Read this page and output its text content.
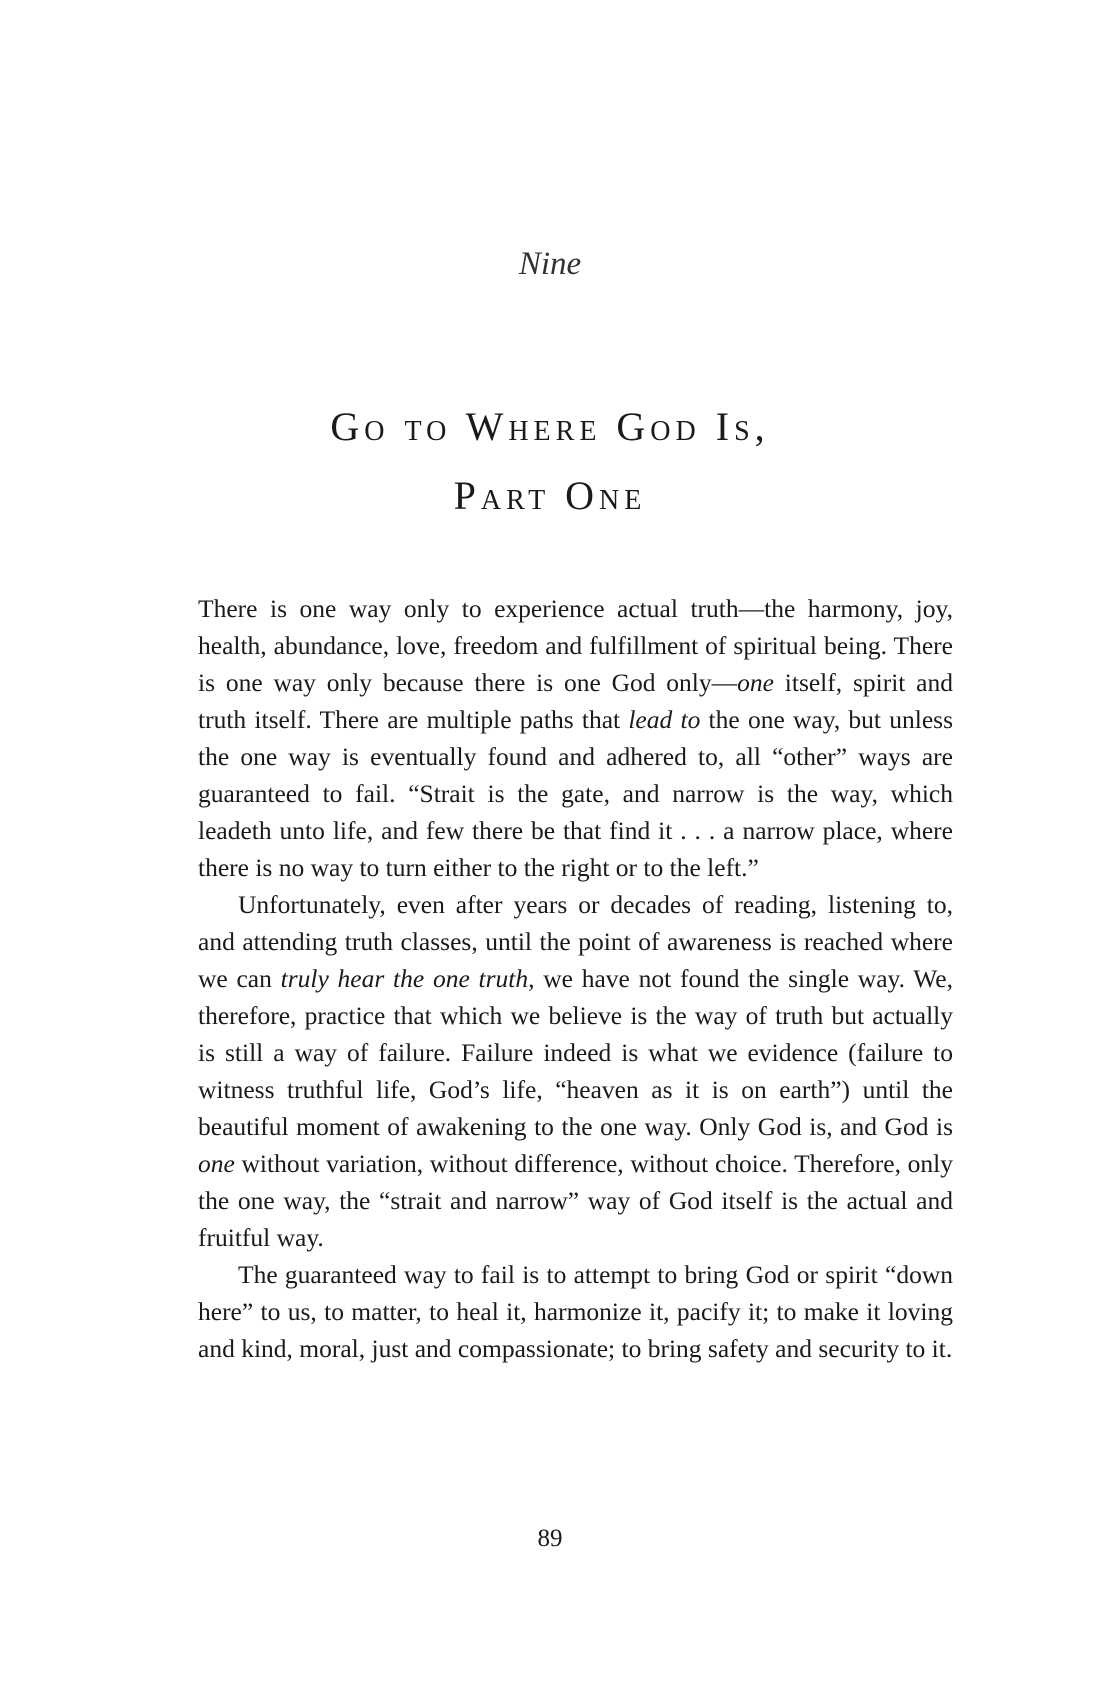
Nine
Go to Where God Is,
Part One

There is one way only to experience actual truth—the harmony, joy, health, abundance, love, freedom and fulfillment of spiritual being. There is one way only because there is one God only—one itself, spirit and truth itself. There are multiple paths that lead to the one way, but unless the one way is eventually found and adhered to, all “other” ways are guaranteed to fail. “Strait is the gate, and narrow is the way, which leadeth unto life, and few there be that find it . . . a narrow place, where there is no way to turn either to the right or to the left.”

Unfortunately, even after years or decades of reading, listening to, and attending truth classes, until the point of awareness is reached where we can truly hear the one truth, we have not found the single way. We, therefore, practice that which we believe is the way of truth but actually is still a way of failure. Failure indeed is what we evidence (failure to witness truthful life, God’s life, “heaven as it is on earth”) until the beautiful moment of awakening to the one way. Only God is, and God is one without variation, without difference, without choice. Therefore, only the one way, the “strait and narrow” way of God itself is the actual and fruitful way.

The guaranteed way to fail is to attempt to bring God or spirit “down here” to us, to matter, to heal it, harmonize it, pacify it; to make it loving and kind, moral, just and compassionate; to bring safety and security to it.

89
